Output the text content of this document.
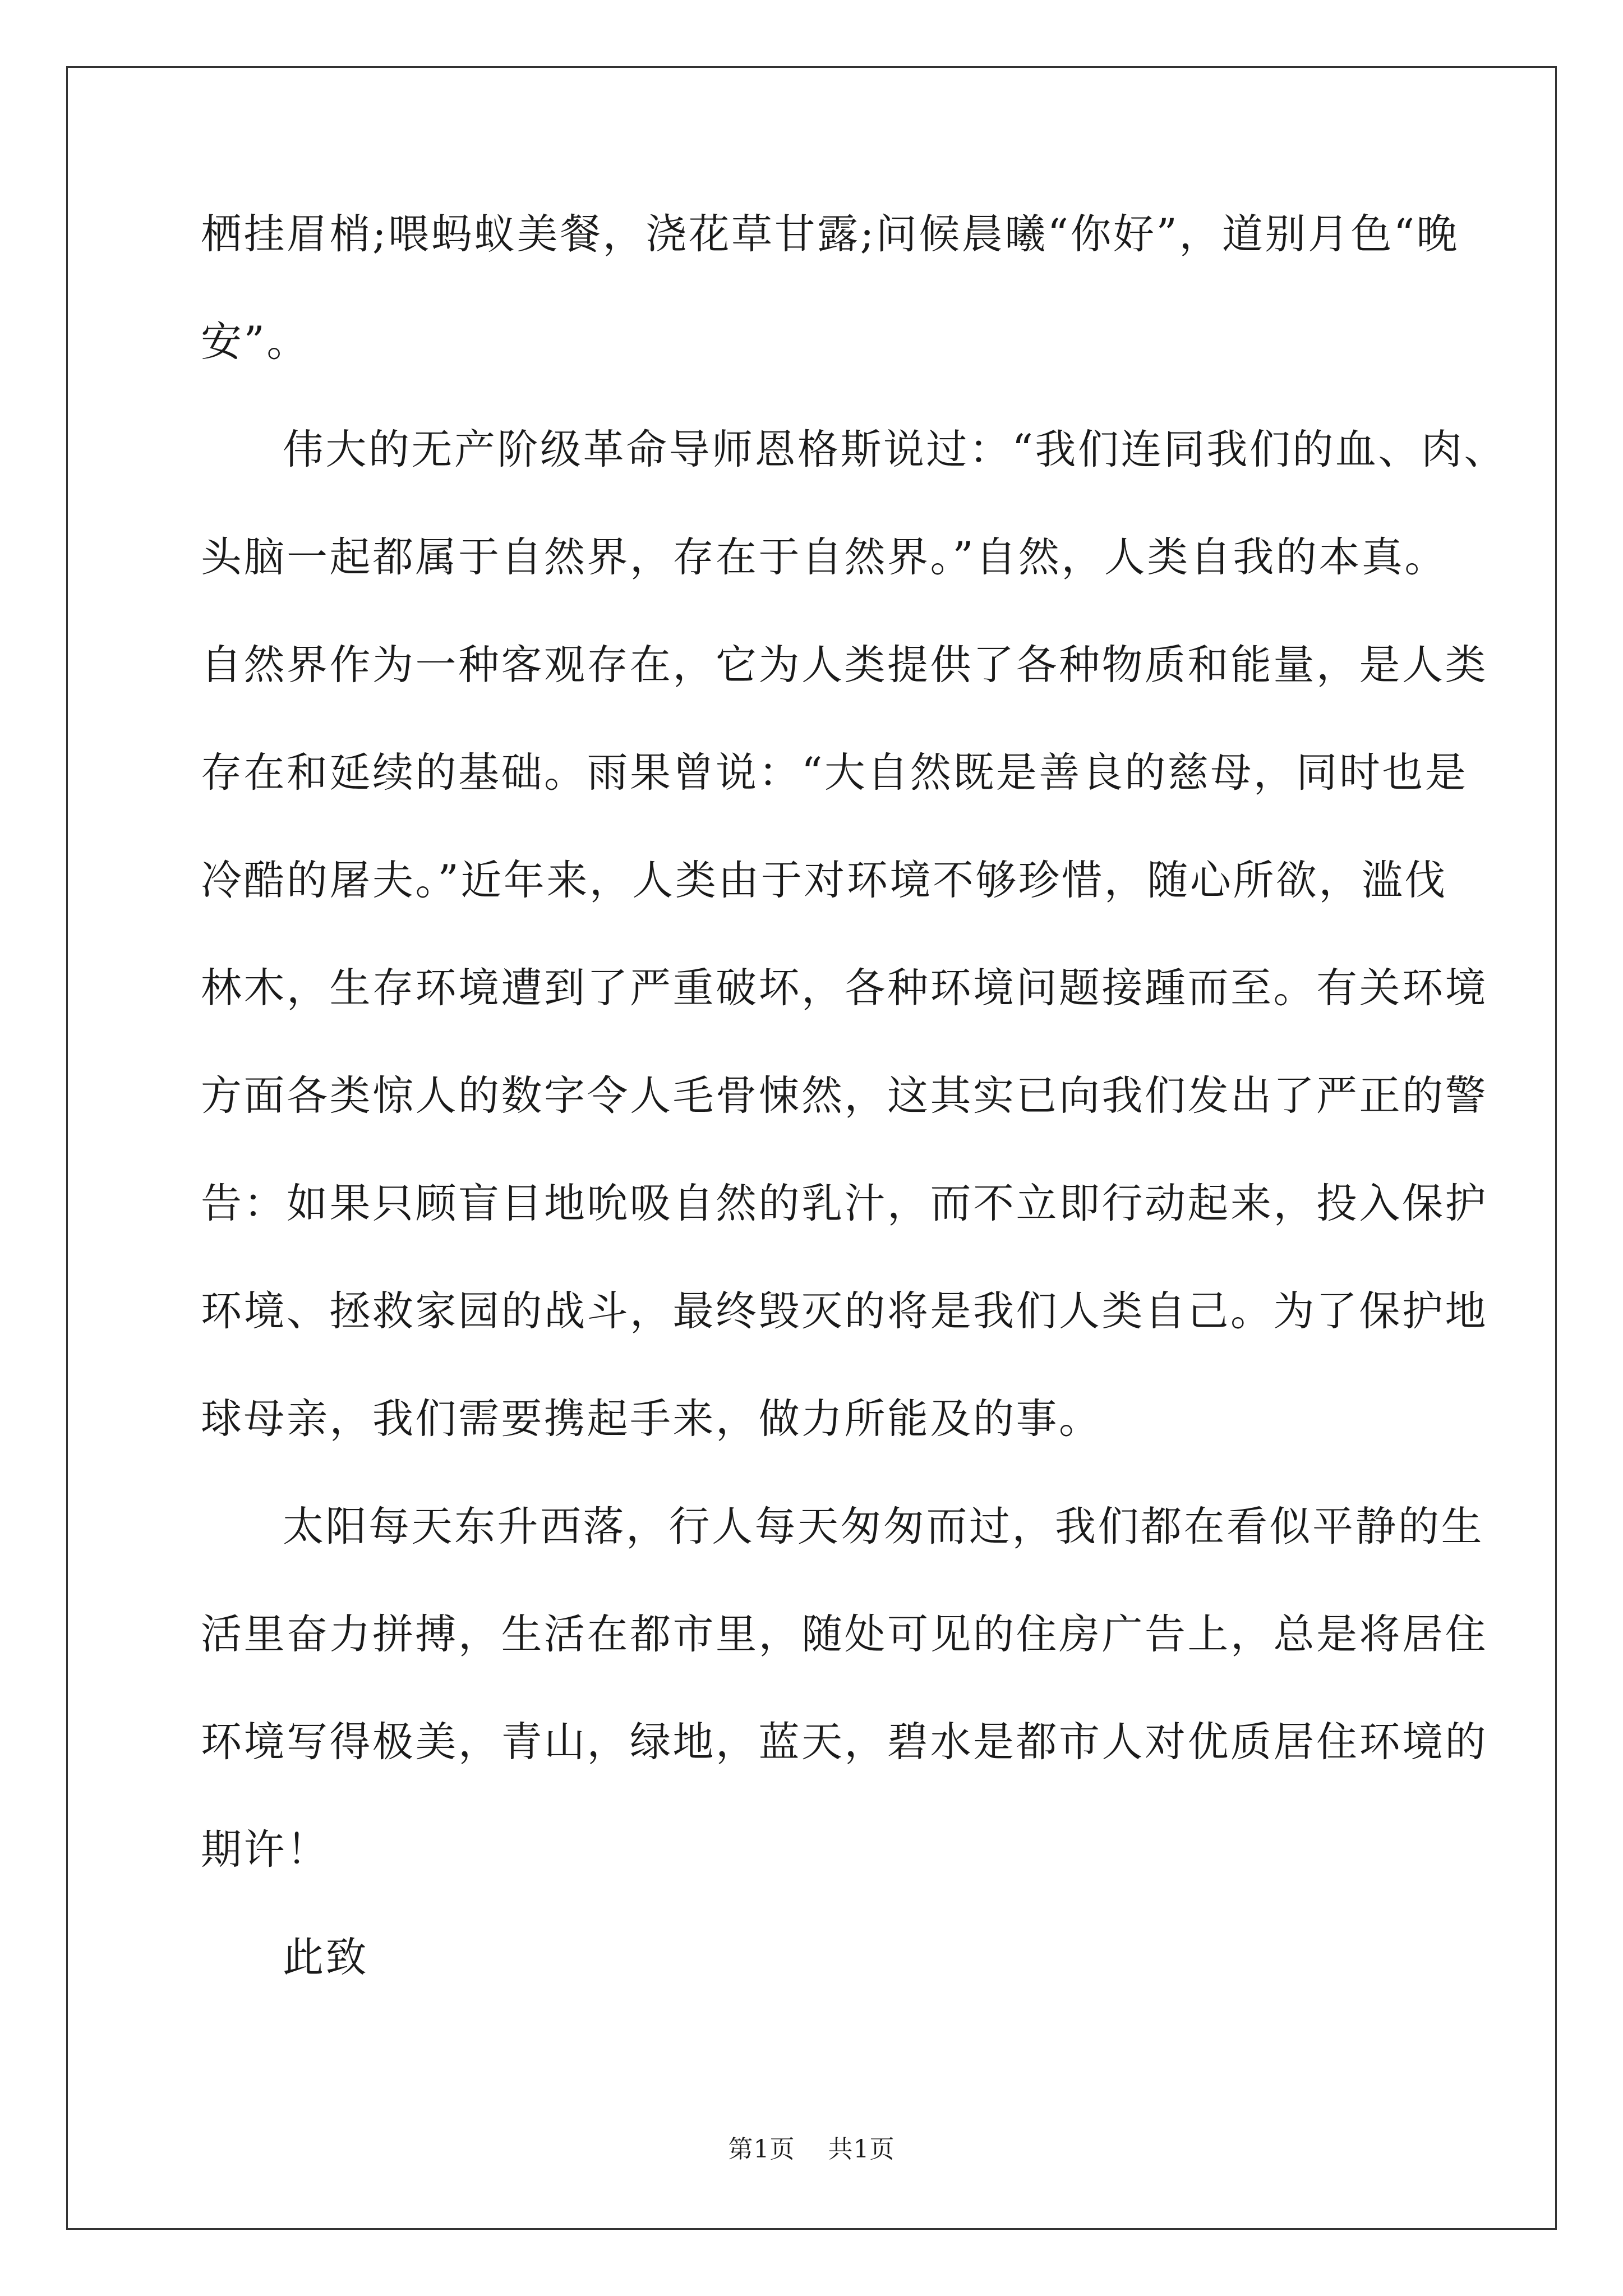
栖挂眉梢;喂蚂蚁美餐，浇花草甘露;问候晨曦“你好”，道别月色“晚
安”。
伟大的无产阶级革命导师恩格斯说过：“我们连同我们的血、肉、
头脑一起都属于自然界，存在于自然界。”自然，人类自我的本真。
自然界作为一种客观存在，它为人类提供了各种物质和能量，是人类
存在和延续的基础。雨果曾说：“大自然既是善良的慈母，同时也是
冷酷的屠夫。”近年来，人类由于对环境不够珍惜，随心所欲，滥伐
林木，生存环境遭到了严重破坏，各种环境问题接踵而至。有关环境
方面各类惊人的数字令人毛骨悚然，这其实已向我们发出了严正的警
告：如果只顾盲目地吮吸自然的乳汁，而不立即行动起来，投入保护
环境、拯救家园的战斗，最终毁灭的将是我们人类自己。为了保护地
球母亲，我们需要携起手来，做力所能及的事。
太阳每天东升西落，行人每天匆匆而过，我们都在看似平静的生
活里奋力拼搏，生活在都市里，随处可见的住房广告上，总是将居住
环境写得极美，青山，绿地，蓝天，碧水是都市人对优质居住环境的
期许！
此致
第1页 共1页
